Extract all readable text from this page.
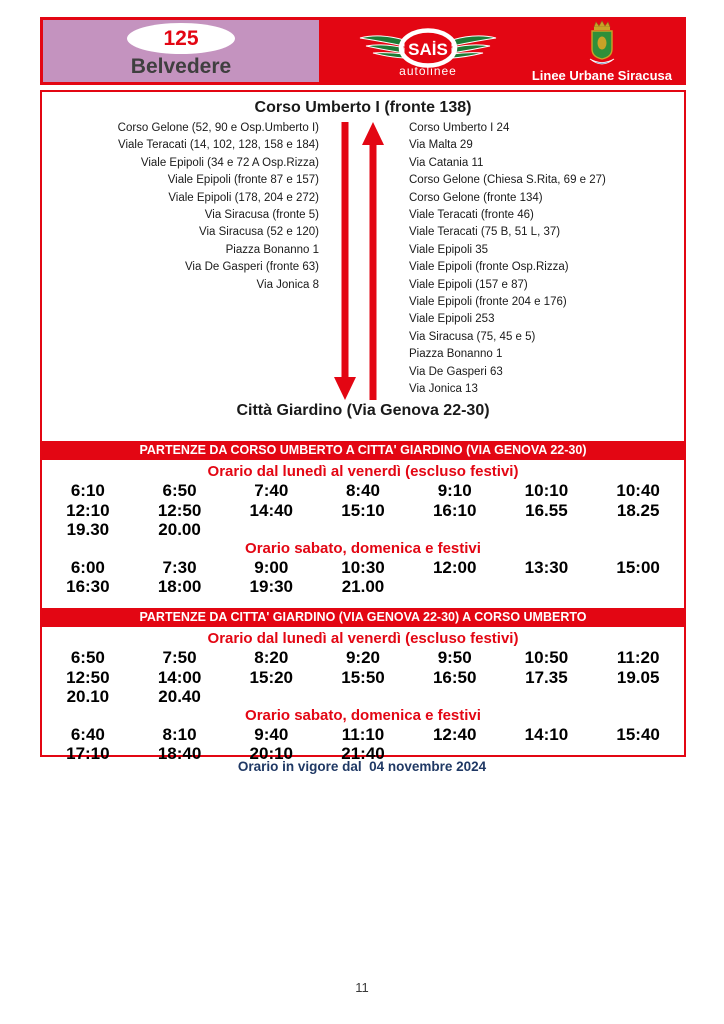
125
Belvedere
SAİS
autolinee	Linee Urbane Siracusa
Corso Umberto I (fronte 138)
Corso Gelone (52, 90 e Osp.Umberto I)
Viale Teracati (14, 102, 128, 158 e 184)
Viale Epipoli (34 e 72 A Osp.Rizza)
Viale Epipoli (fronte 87 e 157)
Viale Epipoli (178, 204 e 272)
Via Siracusa (fronte 5)
Via Siracusa (52 e 120)
Piazza Bonanno 1
Via De Gasperi (fronte 63)
Via Jonica 8
Corso Umberto I 24
Via Malta 29
Via Catania 11
Corso Gelone (Chiesa S.Rita, 69 e 27)
Corso Gelone (fronte 134)
Viale Teracati (fronte 46)
Viale Teracati (75 B, 51 L, 37)
Viale Epipoli 35
Viale Epipoli (fronte Osp.Rizza)
Viale Epipoli (157 e 87)
Viale Epipoli (fronte 204 e 176)
Viale Epipoli 253
Via Siracusa (75, 45 e 5)
Piazza Bonanno 1
Via De Gasperi 63
Via Jonica 13
Città Giardino (Via Genova 22-30)
PARTENZE DA CORSO UMBERTO A CITTA' GIARDINO (VIA GENOVA 22-30)
Orario dal lunedì al venerdì (escluso festivi)
6:10	6:50	7:40	8:40	9:10	10:10	10:40
12:10	12:50	14:40	15:10	16:10	16.55	18.25
19.30	20.00
Orario sabato, domenica e festivi
6:00	7:30	9:00	10:30	12:00	13:30	15:00
16:30	18:00	19:30	21.00
PARTENZE DA CITTA' GIARDINO (VIA GENOVA 22-30) A CORSO UMBERTO
Orario dal lunedì al venerdì (escluso festivi)
6:50	7:50	8:20	9:20	9:50	10:50	11:20
12:50	14:00	15:20	15:50	16:50	17.35	19.05
20.10	20.40
Orario sabato, domenica e festivi
6:40	8:10	9:40	11:10	12:40	14:10	15:40
17:10	18:40	20:10	21:40
Orario in vigore dal  04 novembre 2024
11
